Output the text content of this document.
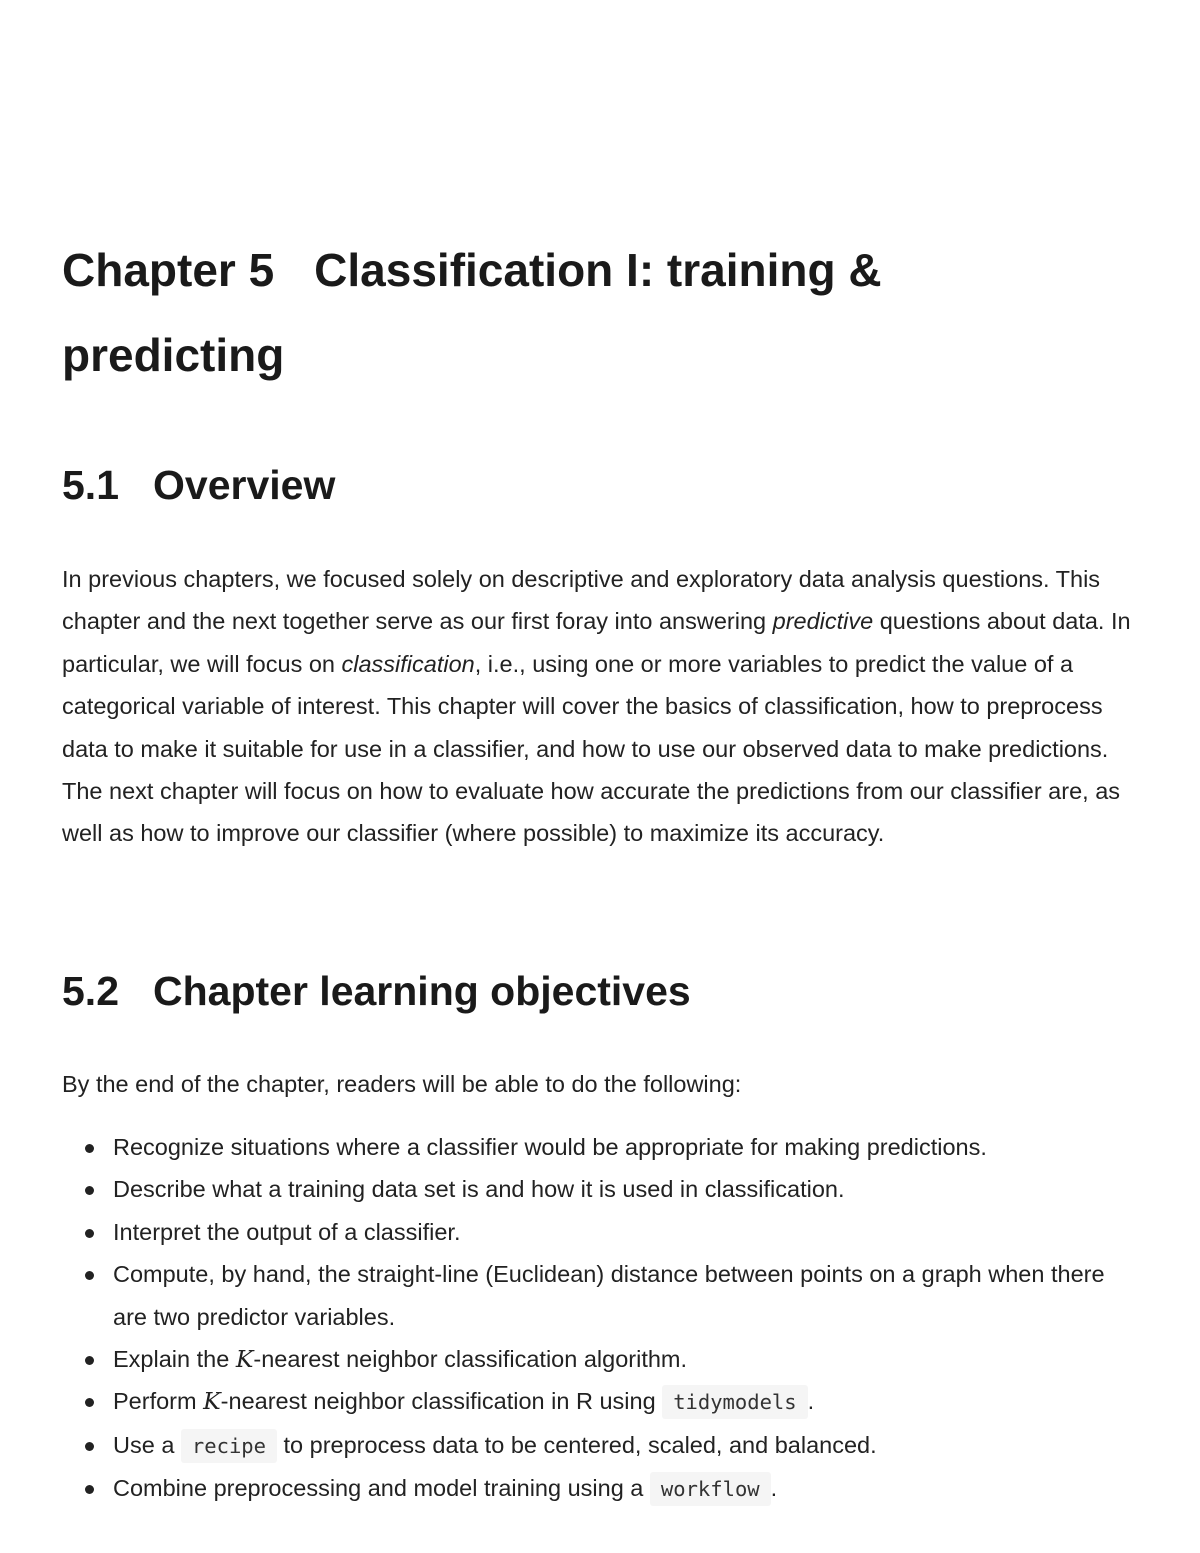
Chapter 5 Classification I: training & predicting
5.1 Overview

In previous chapters, we focused solely on descriptive and exploratory data analysis questions. This chapter and the next together serve as our first foray into answering predictive questions about data. In particular, we will focus on classification, i.e., using one or more variables to predict the value of a categorical variable of interest. This chapter will cover the basics of classification, how to preprocess data to make it suitable for use in a classifier, and how to use our observed data to make predictions. The next chapter will focus on how to evaluate how accurate the predictions from our classifier are, as well as how to improve our classifier (where possible) to maximize its accuracy.

5.2 Chapter learning objectives

By the end of the chapter, readers will be able to do the following:

Recognize situations where a classifier would be appropriate for making predictions.
Describe what a training data set is and how it is used in classification.
Interpret the output of a classifier.
Compute, by hand, the straight-line (Euclidean) distance between points on a graph when there are two predictor variables.
Explain the K-nearest neighbor classification algorithm.
Perform K-nearest neighbor classification in R using tidymodels .
Use a recipe to preprocess data to be centered, scaled, and balanced.
Combine preprocessing and model training using a workflow .
